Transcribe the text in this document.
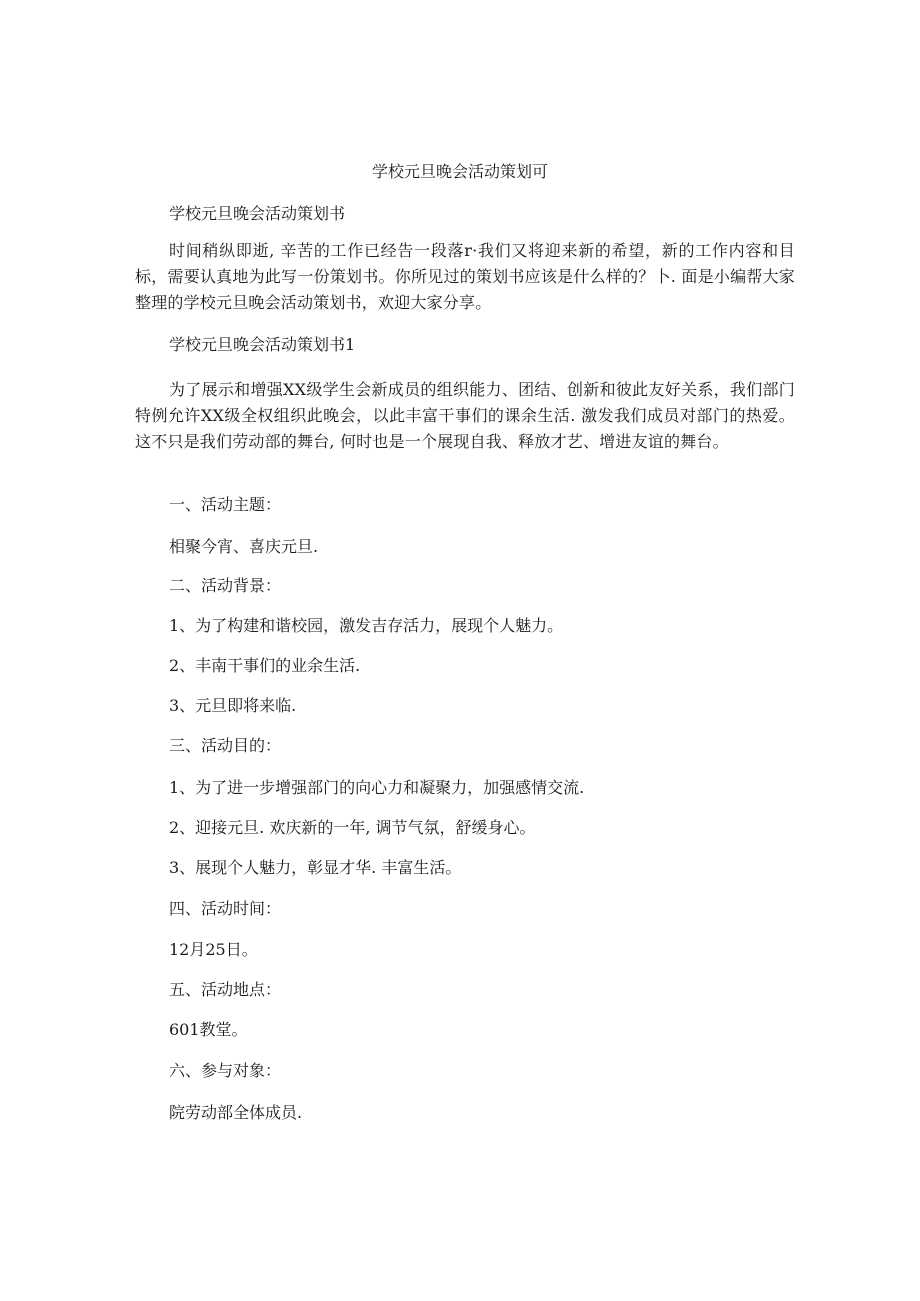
学校元旦晚会活动策划可
学校元旦晚会活动策划书
时间稍纵即逝, 辛苦的工作已经告一段落r·我们又将迎来新的希望，新的工作内容和目标，需要认真地为此写一份策划书。你所见过的策划书应该是什么样的？卜. 面是小编帮大家整理的学校元旦晚会活动策划书，欢迎大家分享。
学校元旦晚会活动策划书1
为了展示和增强XX级学生会新成员的组织能力、团结、创新和彼此友好关系，我们部门特例允许XX级全权组织此晚会，以此丰富干事们的课余生活. 激发我们成员对部门的热爱。这不只是我们劳动部的舞台, 何时也是一个展现自我、释放才艺、增进友谊的舞台。
一、活动主题：
相聚今宵、喜庆元旦.
二、活动背景：
1、为了构建和谐校园，激发吉存活力，展现个人魅力。
2、丰南干事们的业余生活.
3、元旦即将来临.
三、活动目的：
1、为了进一步增强部门的向心力和凝聚力，加强感情交流.
2、迎接元旦. 欢庆新的一年, 调节气氛，舒缓身心。
3、展现个人魅力，彰显才华. 丰富生活。
四、活动时间：
12月25日。
五、活动地点：
601教堂。
六、参与对象：
院劳动部全体成员.
